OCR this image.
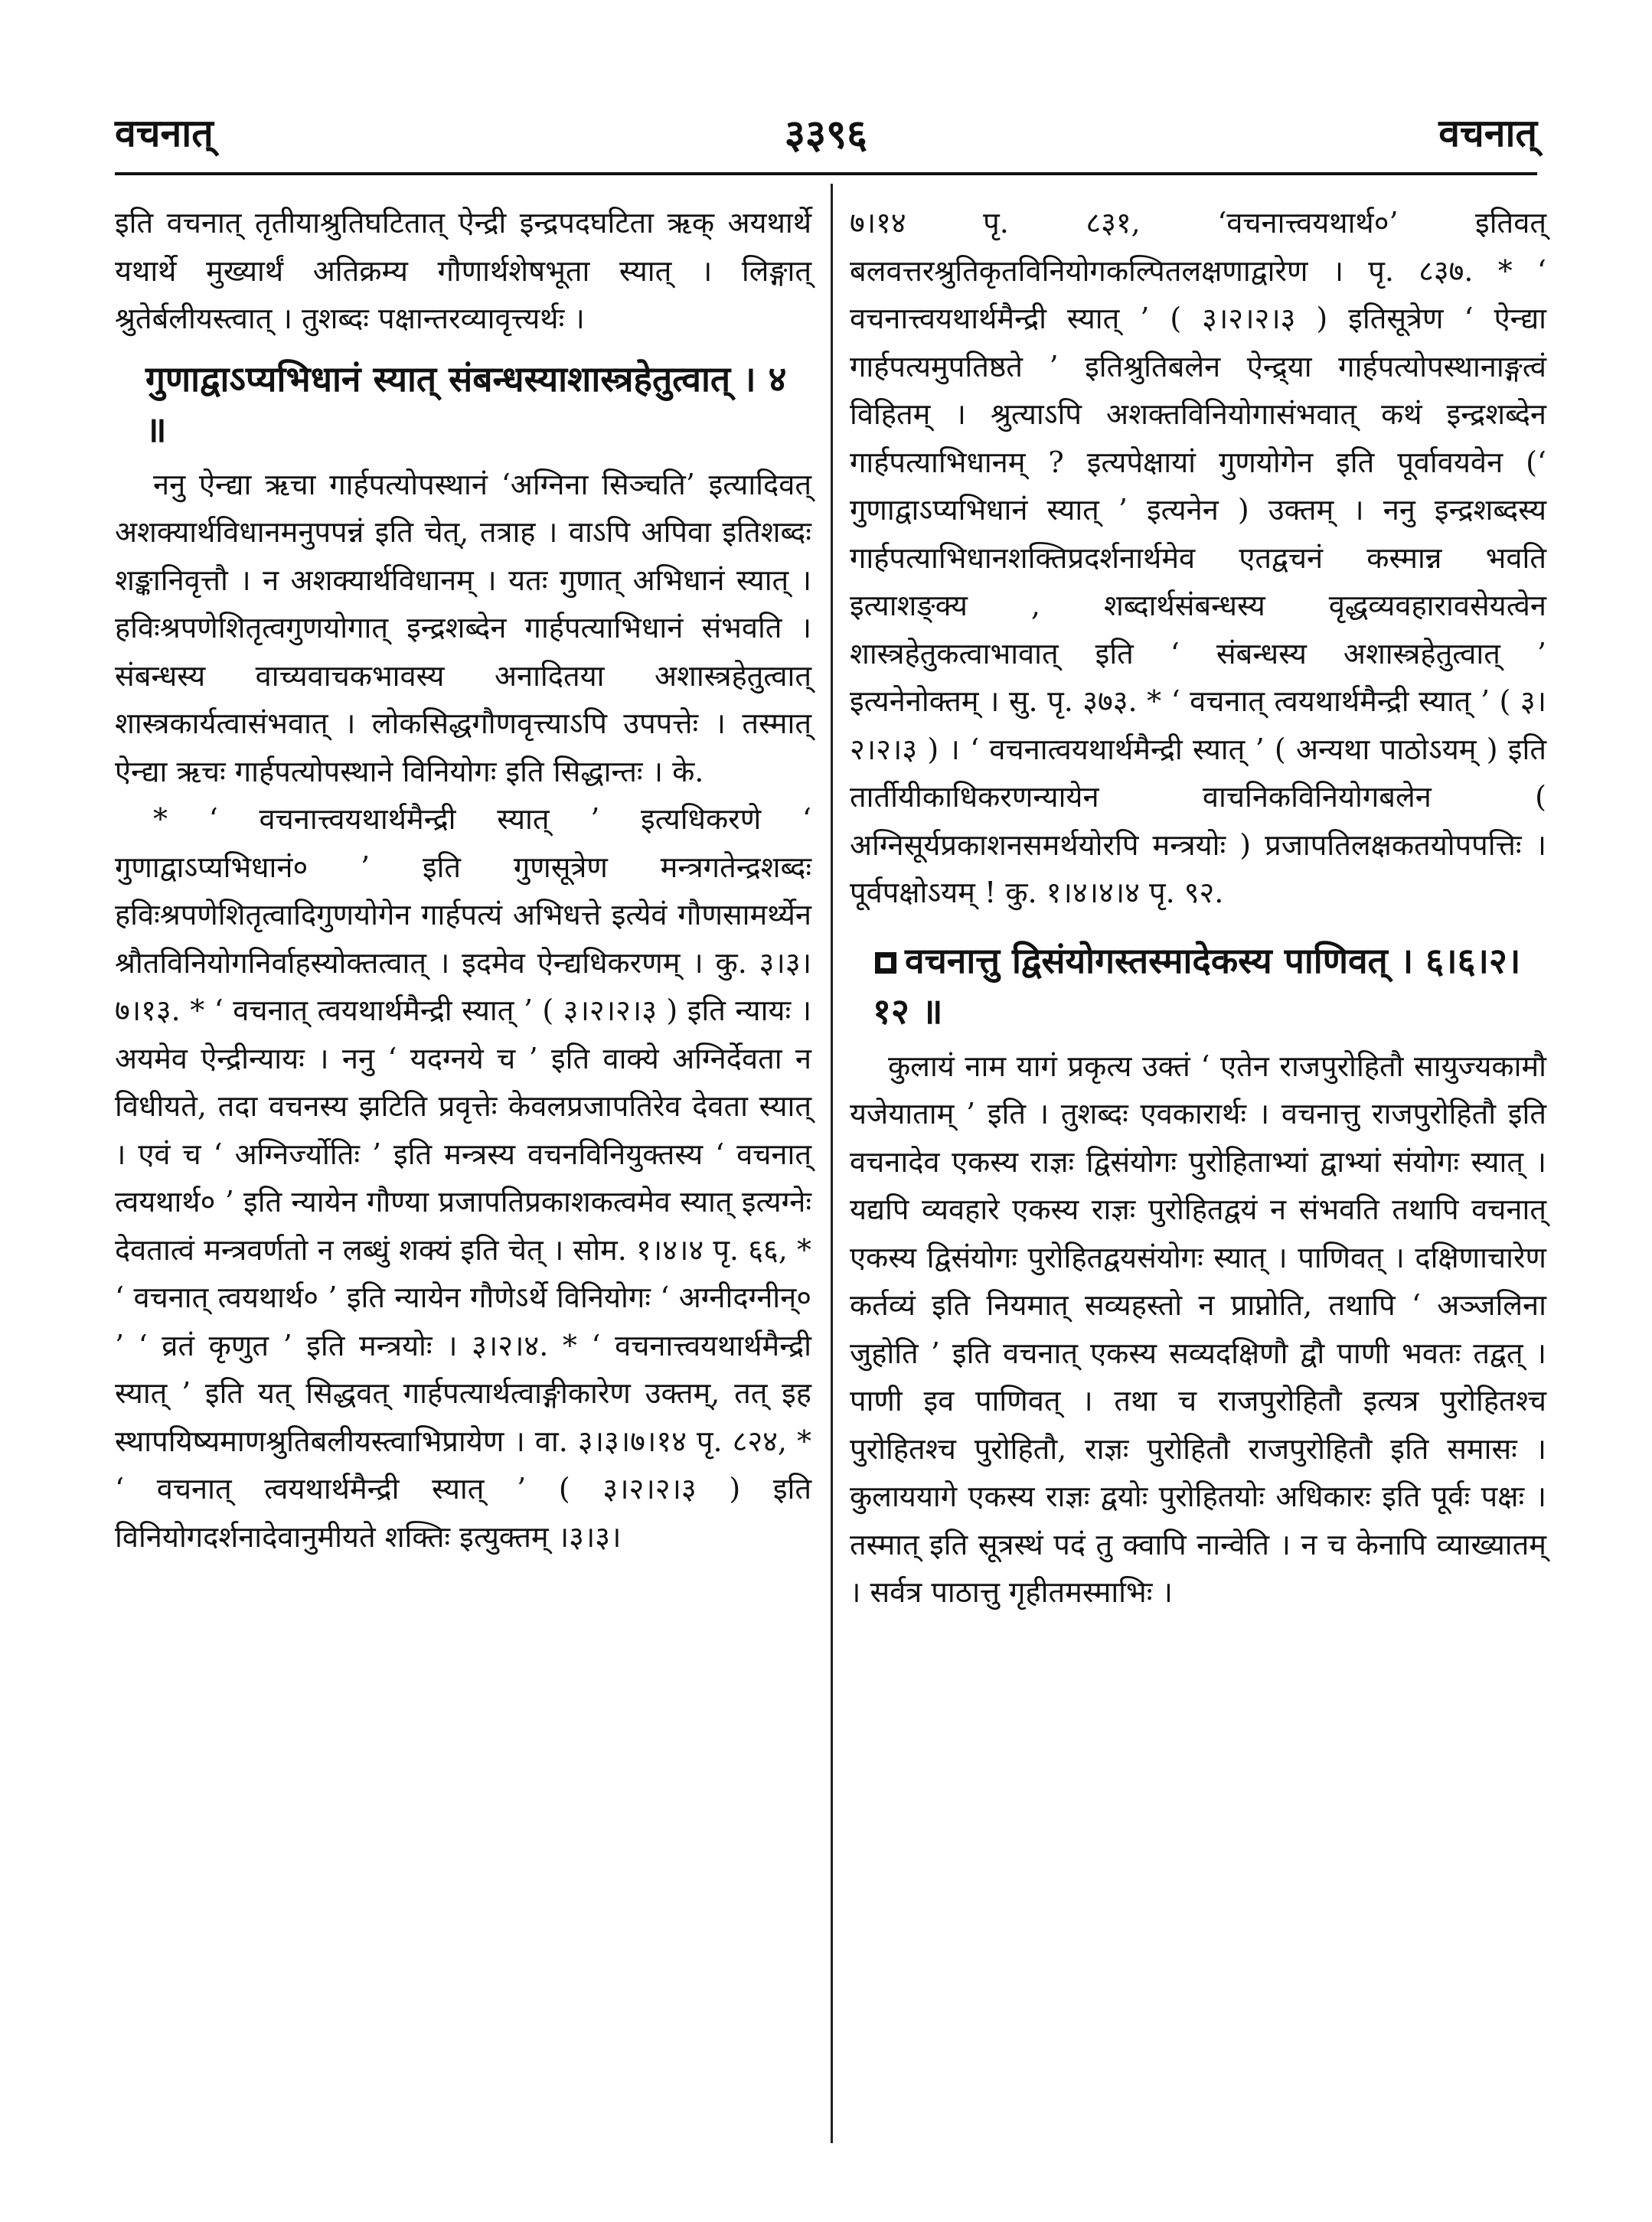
वचनात्	३३९६	वचनात्

इति वचनात् तृतीयाश्रुतिघटितात् ऐन्द्री इन्द्रपदघटिता ऋक् अयथार्थे यथार्थे मुख्यार्थं अतिक्रम्य गौणार्थशेषभूता स्यात् । लिङ्गात् श्रुतेर्बलीयस्त्वात् । तुशब्दः पक्षान्तरव्यावृत्त्यर्थः ।

गुणाद्वाऽप्यभिधानं स्यात् संबन्धस्याशास्त्रहेतुत्वात् । ४ ॥

ननु ऐन्द्या ऋचा गार्हपत्योपस्थानं ‘अग्निना सिञ्चति’ इत्यादिवत् अशक्यार्थविधानमनुपपन्नं इति चेत्, तत्राह । वाऽपि अपिवा इतिशब्दः शङ्कानिवृत्तौ । न अशक्यार्थविधानम् । यतः गुणात् अभिधानं स्यात् । हविःश्रपणेशितृत्वगुणयोगात् इन्द्रशब्देन गार्हपत्याभिधानं संभवति । संबन्धस्य वाच्यवाचकभावस्य अनादितया अशास्त्रहेतुत्वात् शास्त्रकार्यत्वासंभवात् । लोकसिद्धगौणवृत्त्याऽपि उपपत्तेः । तस्मात् ऐन्द्या ऋचः गार्हपत्योपस्थाने विनियोगः इति सिद्धान्तः । के.

* ‘ वचनात्त्वयथार्थमैन्द्री स्यात् ’ इत्यधिकरणे ‘ गुणाद्वाऽप्यभिधानं० ’ इति गुणसूत्रेण मन्त्रगतेन्द्रशब्दः हविःश्रपणेशितृत्वादिगुणयोगेन गार्हपत्यं अभिधत्ते इत्येवं गौणसामर्थ्येन श्रौतविनियोगनिर्वाहस्योक्तत्वात् । इदमेव ऐन्द्यधिकरणम् । कु. ३।३।७।१३. * ‘ वचनात् त्वयथार्थमैन्द्री स्यात् ’ ( ३।२।२।३ ) इति न्यायः । अयमेव ऐन्द्रीन्यायः । ननु ‘ यदग्नये च ’ इति वाक्ये अग्निर्देवता न विधीयते, तदा वचनस्य झटिति प्रवृत्तेः केवलप्रजापतिरेव देवता स्यात् । एवं च ‘ अग्निर्ज्योतिः ’ इति मन्त्रस्य वचनविनियुक्तस्य ‘ वचनात् त्वयथार्थ० ’ इति न्यायेन गौण्या प्रजापतिप्रकाशकत्वमेव स्यात् इत्यग्नेः देवतात्वं मन्त्रवर्णतो न लब्धुं शक्यं इति चेत् । सोम. १।४।४ पृ. ६६, * ‘ वचनात् त्वयथार्थ० ’ इति न्यायेन गौणेऽर्थे विनियोगः ‘ अग्नीदग्नीन्० ’ ‘ व्रतं कृणुत ’ इति मन्त्रयोः । ३।२।४. * ‘ वचनात्त्वयथार्थमैन्द्री स्यात् ’ इति यत् सिद्धवत् गार्हपत्यार्थत्वाङ्गीकारेण उक्तम्, तत् इह स्थापयिष्यमाणश्रुतिबलीयस्त्वाभिप्रायेण । वा. ३।३।७।१४ पृ. ८२४, * ‘ वचनात् त्वयथार्थमैन्द्री स्यात् ’ ( ३।२।२।३ ) इति विनियोगदर्शनादेवानुमीयते शक्तिः इत्युक्तम् ।३।३।

७।१४ पृ. ८३१, ‘वचनात्त्वयथार्थ०’ इतिवत् बलवत्तरश्रुतिकृतविनियोगकल्पितलक्षणाद्वारेण । पृ. ८३७. * ‘ वचनात्त्वयथार्थमैन्द्री स्यात् ’ ( ३।२।२।३ ) इतिसूत्रेण ‘ ऐन्द्या गार्हपत्यमुपतिष्ठते ’ इतिश्रुतिबलेन ऐन्द्र्या गार्हपत्योपस्थानाङ्गत्वं विहितम् । श्रुत्याऽपि अशक्तविनियोगासंभवात् कथं इन्द्रशब्देन गार्हपत्याभिधानम् ? इत्यपेक्षायां गुणयोगेन इति पूर्वावयवेन (‘ गुणाद्वाऽप्यभिधानं स्यात् ’ इत्यनेन ) उक्तम् । ननु इन्द्रशब्दस्य गार्हपत्याभिधानशक्तिप्रदर्शनार्थमेव एतद्वचनं कस्मान्न भवति इत्याशङ्क्य , शब्दार्थसंबन्धस्य वृद्धव्यवहारावसेयत्वेन शास्त्रहेतुकत्वाभावात् इति ‘ संबन्धस्य अशास्त्रहेतुत्वात् ’ इत्यनेनोक्तम् । सु. पृ. ३७३. * ‘ वचनात् त्वयथार्थमैन्द्री स्यात् ’ ( ३।२।२।३ ) । ‘ वचनात्वयथार्थमैन्द्री स्यात् ’ ( अन्यथा पाठोऽयम् ) इति तार्तीयीकाधिकरणन्यायेन वाचनिकविनियोगबलेन ( अग्निसूर्यप्रकाशनसमर्थयोरपि मन्त्रयोः ) प्रजापतिलक्षकतयोपपत्तिः । पूर्वपक्षोऽयम् ! कु. १।४।४।४ पृ. ९२.

वचनात्तु द्विसंयोगस्तस्मादेकस्य पाणिवत् । ६।६।२।१२ ॥

कुलायं नाम यागं प्रकृत्य उक्तं ‘ एतेन राजपुरोहितौ सायुज्यकामौ यजेयाताम् ’ इति । तुशब्दः एवकारार्थः । वचनात्तु राजपुरोहितौ इति वचनादेव एकस्य राज्ञः द्विसंयोगः पुरोहिताभ्यां द्वाभ्यां संयोगः स्यात् । यद्यपि व्यवहारे एकस्य राज्ञः पुरोहितद्वयं न संभवति तथापि वचनात् एकस्य द्विसंयोगः पुरोहितद्वयसंयोगः स्यात् । पाणिवत् । दक्षिणाचारेण कर्तव्यं इति नियमात् सव्यहस्तो न प्राप्नोति, तथापि ‘ अञ्जलिना जुहोति ’ इति वचनात् एकस्य सव्यदक्षिणौ द्वौ पाणी भवतः तद्वत् । पाणी इव पाणिवत् । तथा च राजपुरोहितौ इत्यत्र पुरोहितश्च पुरोहितश्च पुरोहितौ, राज्ञः पुरोहितौ राजपुरोहितौ इति समासः । कुलाययागे एकस्य राज्ञः द्वयोः पुरोहितयोः अधिकारः इति पूर्वः पक्षः । तस्मात् इति सूत्रस्थं पदं तु क्वापि नान्वेति । न च केनापि व्याख्यातम् । सर्वत्र पाठात्तु गृहीतमस्माभिः ।
